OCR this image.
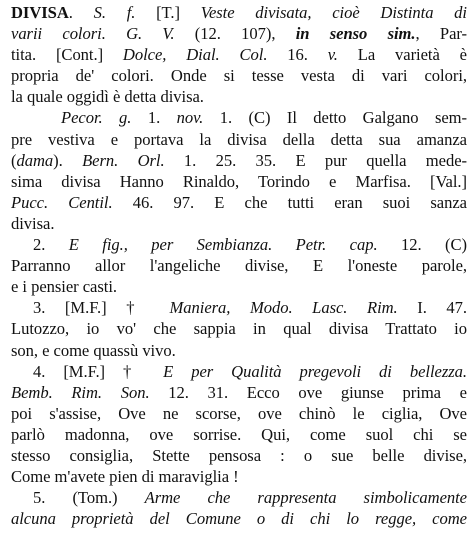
DIVISA. S. f. [T.] Veste divisata, cioè Distinta di
varii colori. G. V. (12. 107), in senso sim., Par-
tita. [Cont.] Dolce, Dial. Col. 16. v. La varietà è
propria de' colori. Onde si tesse vesta di vari colori,
la quale oggidì è detta divisa.
Pecor. g. 1. nov. 1. (C) Il detto Galgano sem-
pre vestiva e portava la divisa della detta sua amanza
(dama). Bern. Orl. 1. 25. 35. E pur quella mede-
sima divisa Hanno Rinaldo, Torindo e Marfisa. [Val.]
Pucc. Centil. 46. 97. E che tutti eran suoi sanza
divisa.
2. E fig., per Sembianza. Petr. cap. 12. (C)
Parranno allor l'angeliche divise, E l'oneste parole,
e i pensier casti.
3. [M.F.] † Maniera, Modo. Lasc. Rim. I. 47.
Lutozzo, io vo' che sappia in qual divisa Trattato io
son, e come quassù vivo.
4. [M.F.] † E per Qualità pregevoli di bellezza.
Bemb. Rim. Son. 12. 31. Ecco ove giunse prima e
poi s'assise, Ove ne scorse, ove chinò le ciglia, Ove
parlò madonna, ove sorrise. Qui, come suol chi se
stesso consiglia, Stette pensosa : o sue belle divise,
Come m'avete pien di maraviglia !
5. (Tom.) Arme che rappresenta simbolicamente
alcuna proprietà del Comune o di chi lo regge, come
